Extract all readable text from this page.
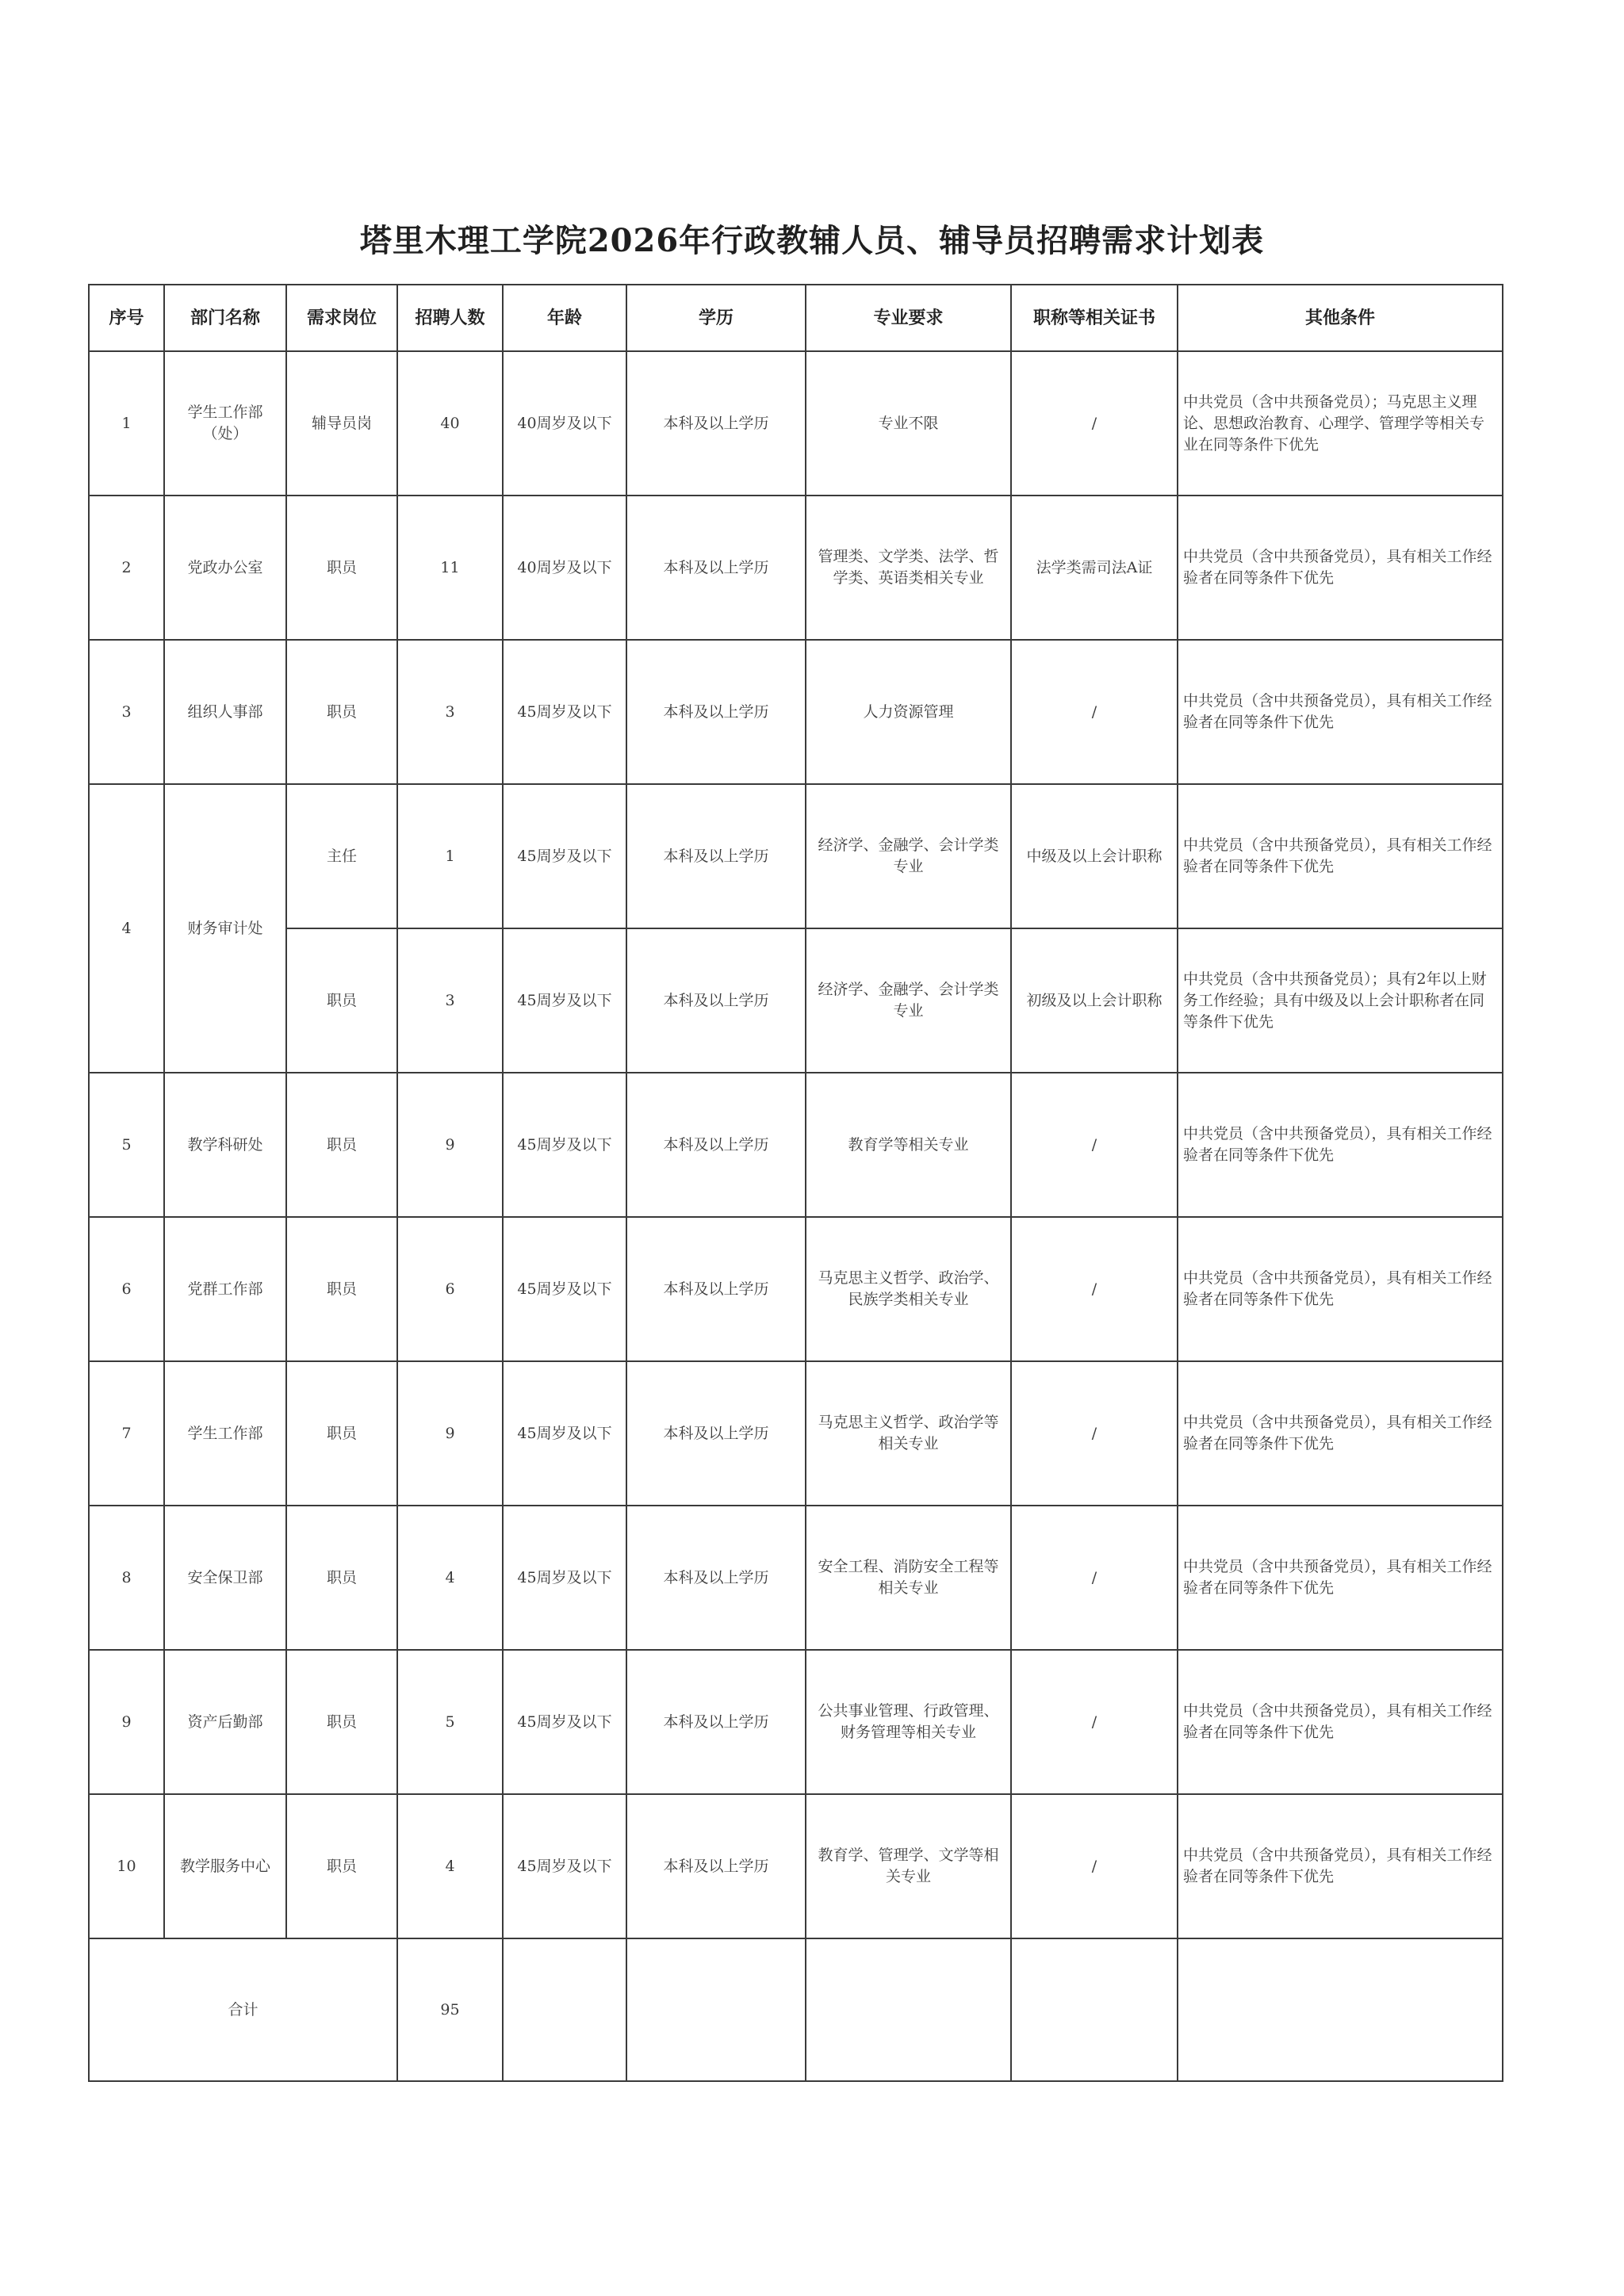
塔里木理工学院2026年行政教辅人员、辅导员招聘需求计划表
序号	部门名称	需求岗位	招聘人数	年龄	学历	专业要求	职称等相关证书	其他条件
1	学生工作部（处）	辅导员岗	40	40周岁及以下	本科及以上学历	专业不限	/	中共党员（含中共预备党员）；马克思主义理论、思想政治教育、心理学、管理学等相关专业在同等条件下优先
2	党政办公室	职员	11	40周岁及以下	本科及以上学历	管理类、文学类、法学、哲学类、英语类相关专业	法学类需司法A证	中共党员（含中共预备党员），具有相关工作经验者在同等条件下优先
3	组织人事部	职员	3	45周岁及以下	本科及以上学历	人力资源管理	/	中共党员（含中共预备党员），具有相关工作经验者在同等条件下优先
4	财务审计处	主任	1	45周岁及以下	本科及以上学历	经济学、金融学、会计学类专业	中级及以上会计职称	中共党员（含中共预备党员），具有相关工作经验者在同等条件下优先
		职员	3	45周岁及以下	本科及以上学历	经济学、金融学、会计学类专业	初级及以上会计职称	中共党员（含中共预备党员）；具有2年以上财务工作经验；具有中级及以上会计职称者在同等条件下优先
5	教学科研处	职员	9	45周岁及以下	本科及以上学历	教育学等相关专业	/	中共党员（含中共预备党员），具有相关工作经验者在同等条件下优先
6	党群工作部	职员	6	45周岁及以下	本科及以上学历	马克思主义哲学、政治学、民族学类相关专业	/	中共党员（含中共预备党员），具有相关工作经验者在同等条件下优先
7	学生工作部	职员	9	45周岁及以下	本科及以上学历	马克思主义哲学、政治学等相关专业	/	中共党员（含中共预备党员），具有相关工作经验者在同等条件下优先
8	安全保卫部	职员	4	45周岁及以下	本科及以上学历	安全工程、消防安全工程等相关专业	/	中共党员（含中共预备党员），具有相关工作经验者在同等条件下优先
9	资产后勤部	职员	5	45周岁及以下	本科及以上学历	公共事业管理、行政管理、财务管理等相关专业	/	中共党员（含中共预备党员），具有相关工作经验者在同等条件下优先
10	教学服务中心	职员	4	45周岁及以下	本科及以上学历	教育学、管理学、文学等相关专业	/	中共党员（含中共预备党员），具有相关工作经验者在同等条件下优先
合计			95					
